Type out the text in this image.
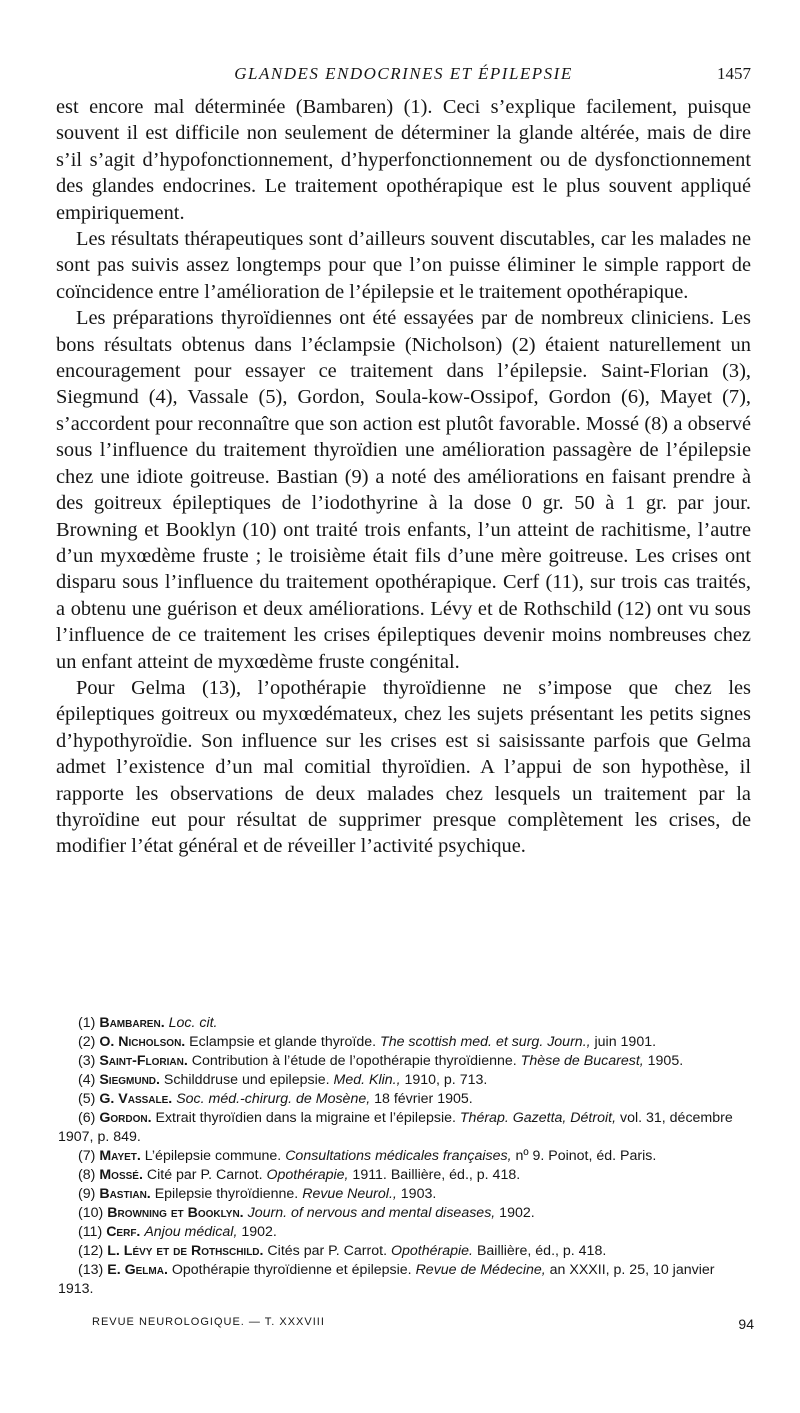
GLANDES ENDOCRINES ET ÉPILEPSIE	1457

est encore mal déterminée (Bambaren) (1). Ceci s’explique facilement, puisque souvent il est difficile non seulement de déterminer la glande altérée, mais de dire s’il s’agit d’hypofonctionnement, d’hyperfonctionnement ou de dysfonctionnement des glandes endocrines. Le traitement opothérapique est le plus souvent appliqué empiriquement.

Les résultats thérapeutiques sont d’ailleurs souvent discutables, car les malades ne sont pas suivis assez longtemps pour que l’on puisse éliminer le simple rapport de coïncidence entre l’amélioration de l’épilepsie et le traitement opothérapique.

Les préparations thyroïdiennes ont été essayées par de nombreux cliniciens. Les bons résultats obtenus dans l’éclampsie (Nicholson) (2) étaient naturellement un encouragement pour essayer ce traitement dans l’épilepsie. Saint-Florian (3), Siegmund (4), Vassale (5), Gordon, Soula-kow-Ossipof, Gordon (6), Mayet (7), s’accordent pour reconnaître que son action est plutôt favorable. Mossé (8) a observé sous l’influence du traitement thyroïdien une amélioration passagère de l’épilepsie chez une idiote goitreuse. Bastian (9) a noté des améliorations en faisant prendre à des goitreux épileptiques de l’iodothyrine à la dose 0 gr. 50 à 1 gr. par jour. Browning et Booklyn (10) ont traité trois enfants, l’un atteint de rachitisme, l’autre d’un myxœdème fruste ; le troisième était fils d’une mère goitreuse. Les crises ont disparu sous l’influence du traitement opothérapique. Cerf (11), sur trois cas traités, a obtenu une guérison et deux améliorations. Lévy et de Rothschild (12) ont vu sous l’influence de ce traitement les crises épileptiques devenir moins nombreuses chez un enfant atteint de myxœdème fruste congénital.

Pour Gelma (13), l’opothérapie thyroïdienne ne s’impose que chez les épileptiques goitreux ou myxœdémateux, chez les sujets présentant les petits signes d’hypothyroïdie. Son influence sur les crises est si saisissante parfois que Gelma admet l’existence d’un mal comitial thyroïdien. A l’appui de son hypothèse, il rapporte les observations de deux malades chez lesquels un traitement par la thyroïdine eut pour résultat de supprimer presque complètement les crises, de modifier l’état général et de réveiller l’activité psychique.

(1) Bambaren. Loc. cit.

(2) O. Nicholson. Eclampsie et glande thyroïde. The scottish med. et surg. Journ., juin 1901.

(3) Saint-Florian. Contribution à l’étude de l’opothérapie thyroïdienne. Thèse de Bucarest, 1905.

(4) Siegmund. Schilddruse und epilepsie. Med. Klin., 1910, p. 713.

(5) G. Vassale. Soc. méd.-chirurg. de Mosène, 18 février 1905.

(6) Gordon. Extrait thyroïdien dans la migraine et l’épilepsie. Thérap. Gazetta, Détroit, vol. 31, décembre 1907, p. 849.

(7) Mayet. L’épilepsie commune. Consultations médicales françaises, nº 9. Poinot, éd. Paris.

(8) Mossé. Cité par P. Carnot. Opothérapie, 1911. Baillière, éd., p. 418.

(9) Bastian. Epilepsie thyroïdienne. Revue Neurol., 1903.

(10) Browning et Booklyn. Journ. of nervous and mental diseases, 1902.

(11) Cerf. Anjou médical, 1902.

(12) L. Lévy et de Rothschild. Cités par P. Carrot. Opothérapie. Baillière, éd., p. 418.

(13) E. Gelma. Opothérapie thyroïdienne et épilepsie. Revue de Médecine, an XXXII, p. 25, 10 janvier 1913.

REVUE NEUROLOGIQUE. — T. XXXVIII	94
